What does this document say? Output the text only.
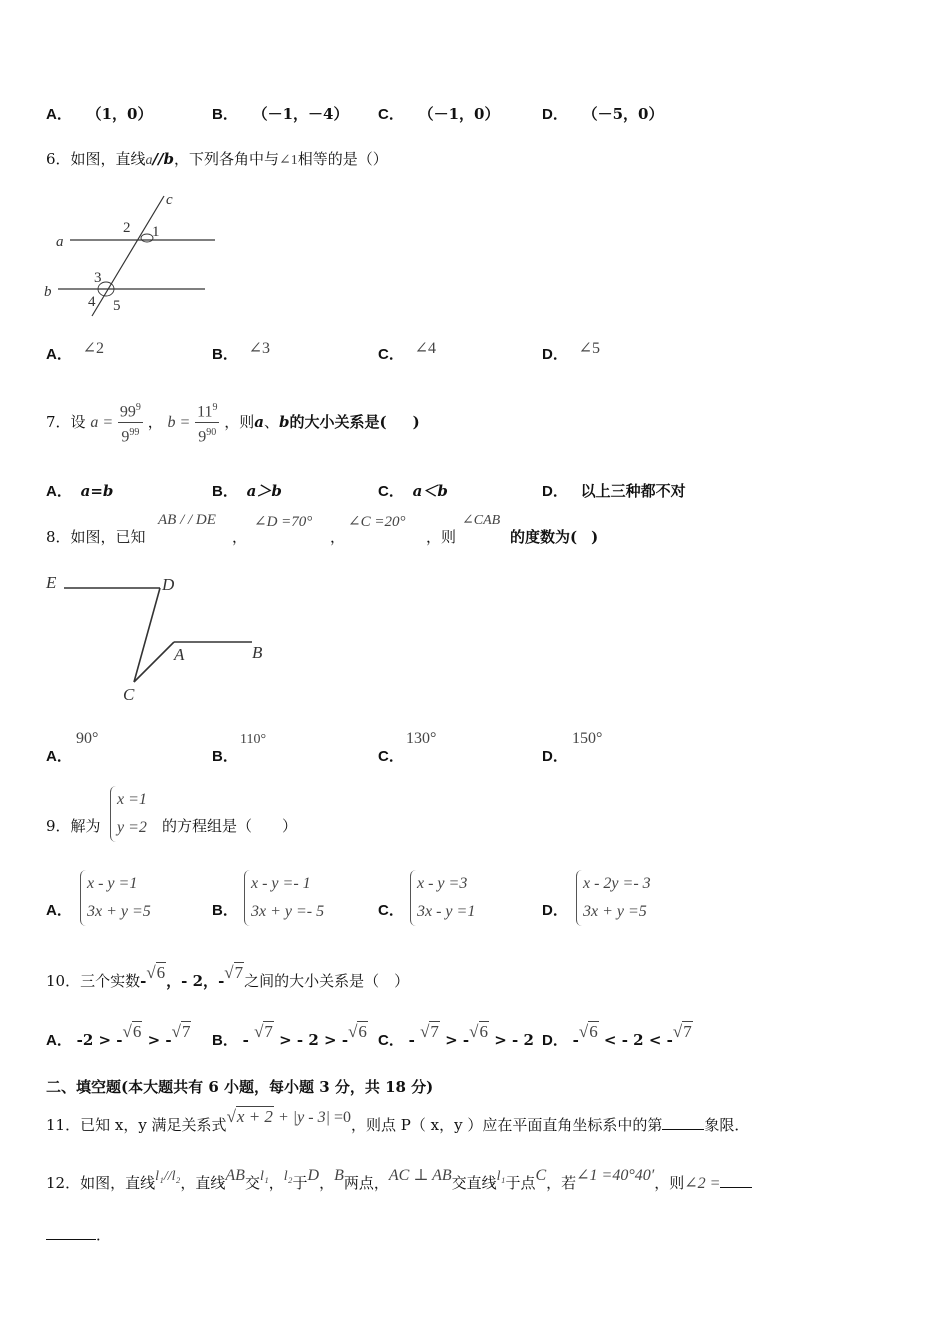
A． （1，0）	B． （－1，－4） C． （－1，0）	D． （－5，0）
6．如图，直线a//b，下列各角中与∠1相等的是（）
c
a
b
1
2
3
4 5
A． ∠2	B． ∠3	C． ∠4	D． ∠5
7．设 $a = \frac{99^9}{9^{99}}$ ， $b = \frac{11^9}{9^{90}}$ ，则a、b的大小关系是( )
A． a=b	B． a＞b	C． a＜b	D． 以上三种都不对
8．如图，已知
AB / / DE
，
∠D =70°
，
∠C =20°
，则
∠CAB
的度数为( )
E	D
A	B
C
A．
90°
B．
110°
C．
130°
D．
150°
9．解为
x =1
y =2 的方程组是（　　）
A．
x - y =1
3x + y =5	B．
x - y =- 1
3x + y =- 5	C．
x - y =3
3x - y =1	D．
x - 2y =- 3
3x + y =5
10．三个实数-√6，- 2，-√7之间的大小关系是（　）
A． -2 > -√6 > -√7 B． - √7 > - 2 > -√6 C． - √7 > -√6 > - 2 D． -√6 < - 2 < -√7
二、填空题(本大题共有 6 小题，每小题 3 分，共 18 分)
11．已知 x，y 满足关系式√x + 2 + |y - 3| =0，则点 P（ x，y ）应在平面直角坐标系中的第	象限．
12．如图，直线l₁//l₂，直线AB交l₁，l₂于D，B两点，AC ⊥ AB交直线l₁于点C，若∠1 =40°40′，则∠2 =
．
